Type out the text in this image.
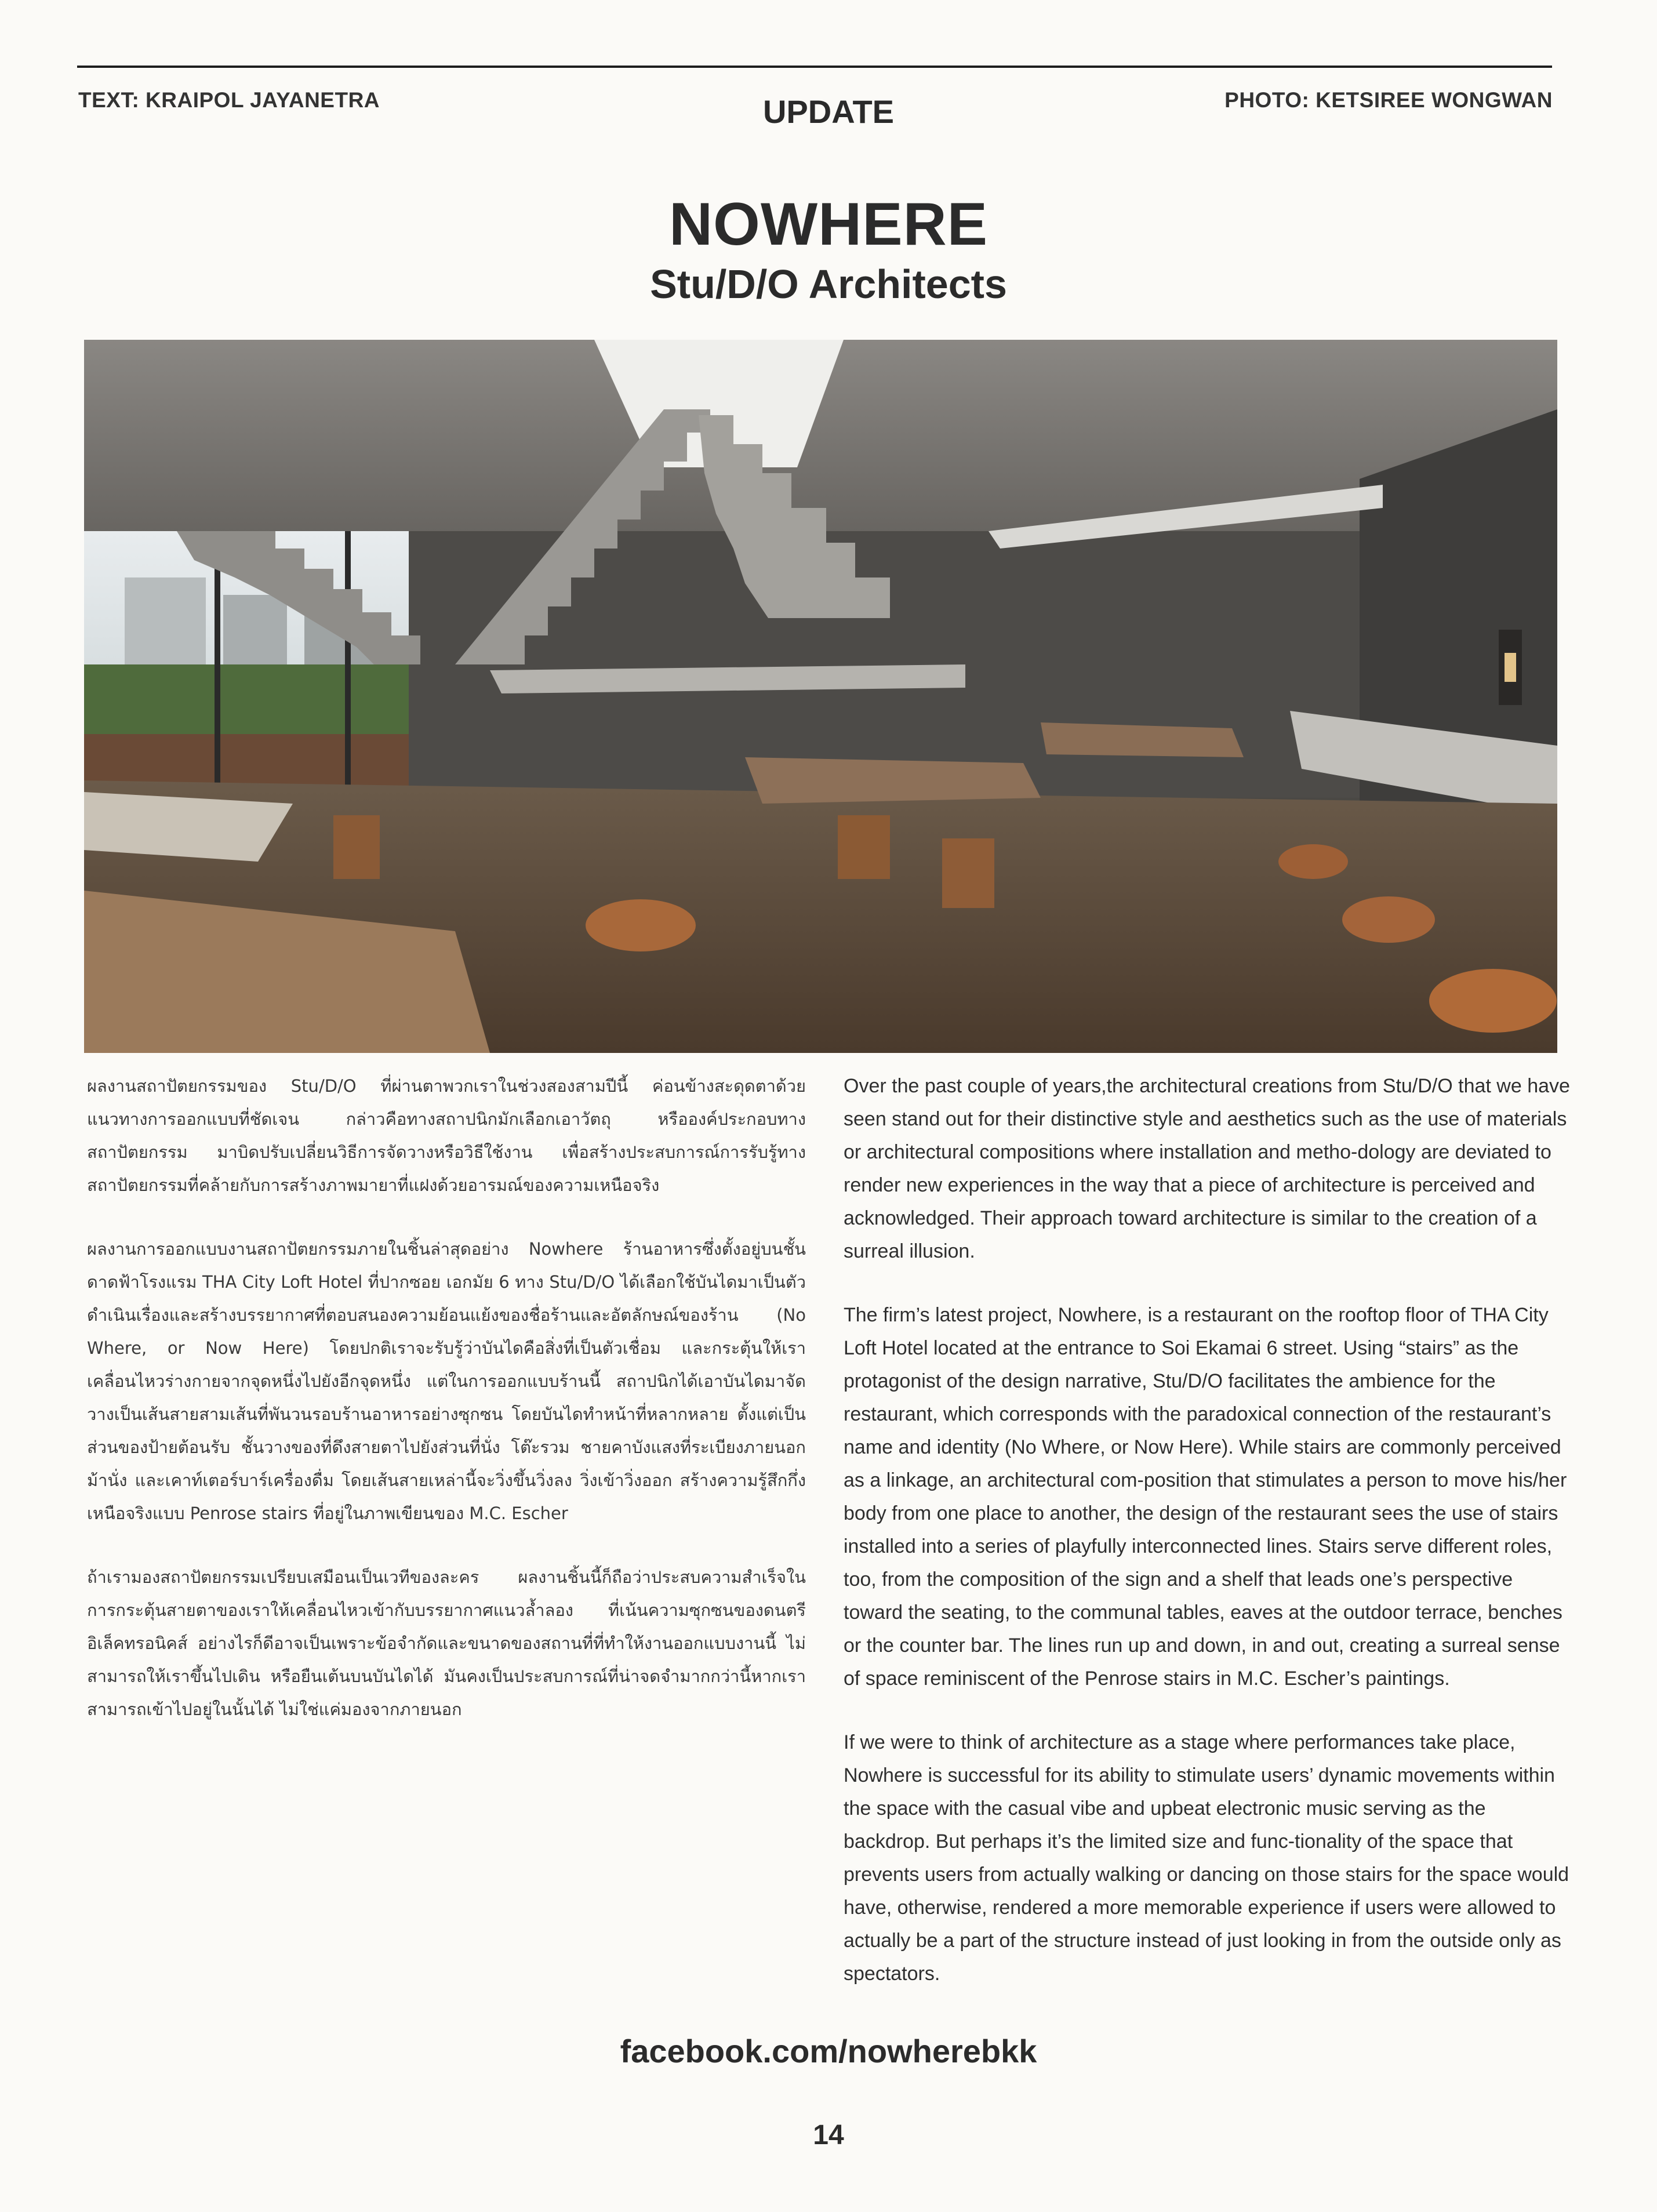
TEXT: KRAIPOL JAYANETRA	UPDATE	PHOTO: KETSIREE WONGWAN
NOWHERE
Stu/D/O Architects

ผลงานสถาปัตยกรรมของ Stu/D/O ที่ผ่านตาพวกเราในช่วงสองสามปีนี้ ค่อนข้างสะดุดตาด้วยแนวทางการออกแบบที่ชัดเจน กล่าวคือทางสถาปนิกมักเลือกเอาวัตถุ หรือองค์ประกอบทางสถาปัตยกรรม มาบิดปรับเปลี่ยนวิธีการจัดวางหรือวิธีใช้งาน เพื่อสร้างประสบการณ์การรับรู้ทางสถาปัตยกรรมที่คล้ายกับการสร้างภาพมายาที่แฝงด้วยอารมณ์ของความเหนือจริง

ผลงานการออกแบบงานสถาปัตยกรรมภายในชิ้นล่าสุดอย่าง Nowhere ร้านอาหารซึ่งตั้งอยู่บนชั้นดาดฟ้าโรงแรม THA City Loft Hotel ที่ปากซอย เอกมัย 6 ทาง Stu/D/O ได้เลือกใช้บันไดมาเป็นตัวดำเนินเรื่องและสร้างบรรยากาศที่ตอบสนองความย้อนแย้งของชื่อร้านและอัตลักษณ์ของร้าน (No Where, or Now Here) โดยปกติเราจะรับรู้ว่าบันไดคือสิ่งที่เป็นตัวเชื่อม และกระตุ้นให้เราเคลื่อนไหวร่างกายจากจุดหนึ่งไปยังอีกจุดหนึ่ง แต่ในการออกแบบร้านนี้ สถาปนิกได้เอาบันไดมาจัดวางเป็นเส้นสายสามเส้นที่พันวนรอบร้านอาหารอย่างซุกซน โดยบันไดทำหน้าที่หลากหลาย ตั้งแต่เป็นส่วนของป้ายต้อนรับ ชั้นวางของที่ดึงสายตาไปยังส่วนที่นั่ง โต๊ะรวม ชายคาบังแสงที่ระเบียงภายนอก ม้านั่ง และเคาท์เตอร์บาร์เครื่องดื่ม โดยเส้นสายเหล่านี้จะวิ่งขึ้นวิ่งลง วิ่งเข้าวิ่งออก สร้างความรู้สึกกึ่งเหนือจริงแบบ Penrose stairs ที่อยู่ในภาพเขียนของ M.C. Escher

ถ้าเรามองสถาปัตยกรรมเปรียบเสมือนเป็นเวทีของละคร ผลงานชิ้นนี้ก็ถือว่าประสบความสำเร็จในการกระตุ้นสายตาของเราให้เคลื่อนไหวเข้ากับบรรยากาศแนวล้ำลอง ที่เน้นความซุกซนของดนตรีอิเล็คทรอนิคส์ อย่างไรก็ดีอาจเป็นเพราะข้อจำกัดและขนาดของสถานที่ที่ทำให้งานออกแบบงานนี้ ไม่สามารถให้เราขึ้นไปเดิน หรือยืนเต้นบนบันไดได้ มันคงเป็นประสบการณ์ที่น่าจดจำมากกว่านี้หากเราสามารถเข้าไปอยู่ในนั้นได้ ไม่ใช่แค่มองจากภายนอก

Over the past couple of years,the architectural creations from Stu/D/O that we have seen stand out for their distinctive style and aesthetics such as the use of materials or architectural compositions where installation and metho-dology are deviated to render new experiences in the way that a piece of architecture is perceived and acknowledged. Their approach toward architecture is similar to the creation of a surreal illusion.

The firm’s latest project, Nowhere, is a restaurant on the rooftop floor of THA City Loft Hotel located at the entrance to Soi Ekamai 6 street. Using “stairs” as the protagonist of the design narrative, Stu/D/O facilitates the ambience for the restaurant, which corresponds with the paradoxical connection of the restaurant’s name and identity (No Where, or Now Here). While stairs are commonly perceived as a linkage, an architectural com-position that stimulates a person to move his/her body from one place to another, the design of the restaurant sees the use of stairs installed into a series of playfully interconnected lines. Stairs serve different roles, too, from the composition of the sign and a shelf that leads one’s perspective toward the seating, to the communal tables, eaves at the outdoor terrace, benches or the counter bar. The lines run up and down, in and out, creating a surreal sense of space reminiscent of the Penrose stairs in M.C. Escher’s paintings.

If we were to think of architecture as a stage where performances take place, Nowhere is successful for its ability to stimulate users’ dynamic movements within the space with the casual vibe and upbeat electronic music serving as the backdrop. But perhaps it’s the limited size and func-tionality of the space that prevents users from actually walking or dancing on those stairs for the space would have, otherwise, rendered a more memorable experience if users were allowed to actually be a part of the structure instead of just looking in from the outside only as spectators.

facebook.com/nowherebkk
14
